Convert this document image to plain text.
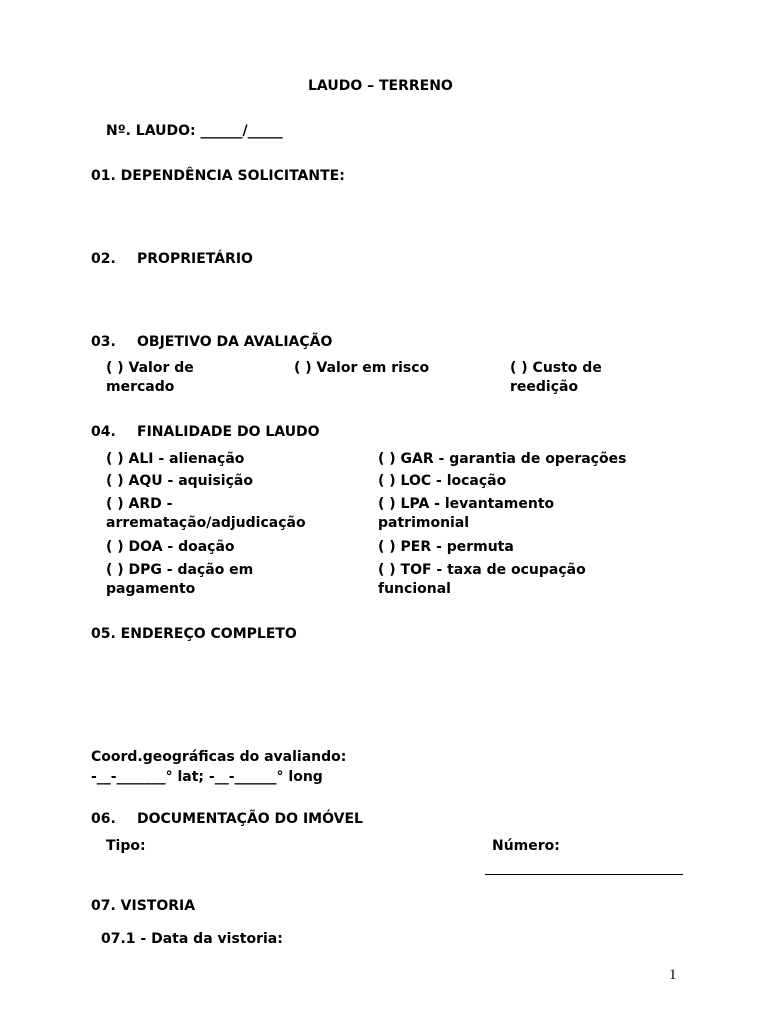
LAUDO – TERRENO
Nº. LAUDO: ______/_____
01. DEPENDÊNCIA SOLICITANTE:
02. PROPRIETÁRIO
03. OBJETIVO DA AVALIAÇÃO
( ) Valor de
mercado
( ) Valor em risco	( ) Custo de
reedição
04. FINALIDADE DO LAUDO
( ) ALI - alienação
( ) AQU - aquisição
( ) ARD -
arrematação/adjudicação
( ) DOA - doação
( ) DPG - dação em
pagamento
( ) GAR - garantia de operações
( ) LOC - locação
( ) LPA - levantamento
patrimonial
( ) PER - permuta
( ) TOF - taxa de ocupação
funcional
05. ENDEREÇO COMPLETO
Coord.geográficas do avaliando:
-__-_______° lat; -__-______° long
06. DOCUMENTAÇÃO DO IMÓVEL
Tipo:	Número:
07. VISTORIA
07.1 - Data da vistoria:
1
